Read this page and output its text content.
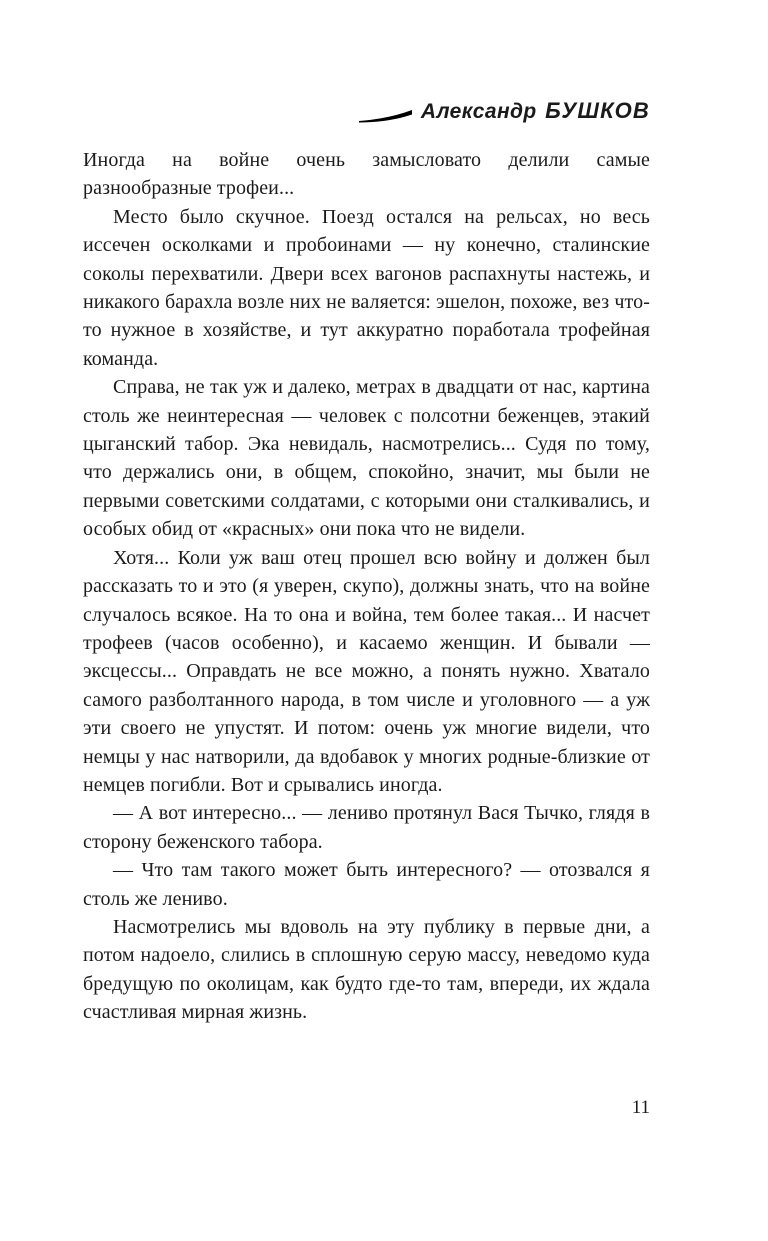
Александр БУШКОВ

Иногда на войне очень замысловато делили самые разнообразные трофеи...

Место было скучное. Поезд остался на рельсах, но весь иссечен осколками и пробоинами — ну конечно, сталинские соколы перехватили. Двери всех вагонов распахнуты настежь, и никакого барахла возле них не валяется: эшелон, похоже, вез что-то нужное в хозяйстве, и тут аккуратно поработала трофейная команда.

Справа, не так уж и далеко, метрах в двадцати от нас, картина столь же неинтересная — человек с полсотни беженцев, этакий цыганский табор. Эка невидаль, насмотрелись... Судя по тому, что держались они, в общем, спокойно, значит, мы были не первыми советскими солдатами, с которыми они сталкивались, и особых обид от «красных» они пока что не видели.

Хотя... Коли уж ваш отец прошел всю войну и должен был рассказать то и это (я уверен, скупо), должны знать, что на войне случалось всякое. На то она и война, тем более такая... И насчет трофеев (часов особенно), и касаемо женщин. И бывали — эксцессы... Оправдать не все можно, а понять нужно. Хватало самого разболтанного народа, в том числе и уголовного — а уж эти своего не упустят. И потом: очень уж многие видели, что немцы у нас натворили, да вдобавок у многих родные-близкие от немцев погибли. Вот и срывались иногда.

— А вот интересно... — лениво протянул Вася Тычко, глядя в сторону беженского табора.

— Что там такого может быть интересного? — отозвался я столь же лениво.

Насмотрелись мы вдоволь на эту публику в первые дни, а потом надоело, слились в сплошную серую массу, неведомо куда бредущую по околицам, как будто где-то там, впереди, их ждала счастливая мирная жизнь.

11
